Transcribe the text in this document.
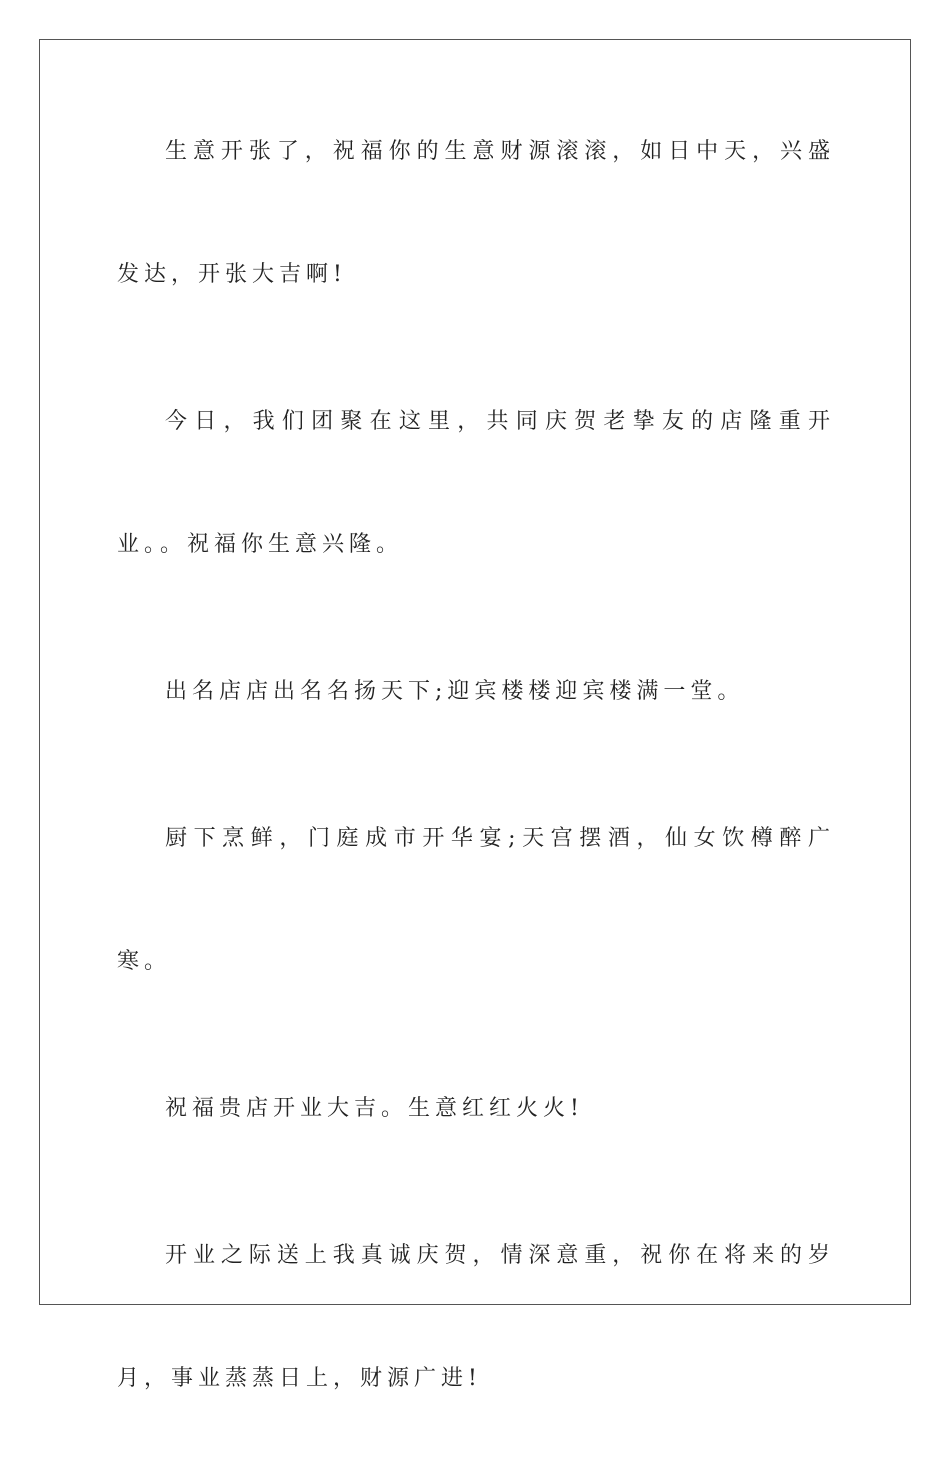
生意开张了，祝福你的生意财源滚滚，如日中天，兴盛发达，开张大吉啊!

今日，我们团聚在这里，共同庆贺老挚友的店隆重开业。。祝福你生意兴隆。

出名店店出名名扬天下;迎宾楼楼迎宾楼满一堂。

厨下烹鲜，门庭成市开华宴;天宫摆酒，仙女饮樽醉广寒。

祝福贵店开业大吉。生意红红火火!

开业之际送上我真诚庆贺，情深意重，祝你在将来的岁月，事业蒸蒸日上，财源广进!
